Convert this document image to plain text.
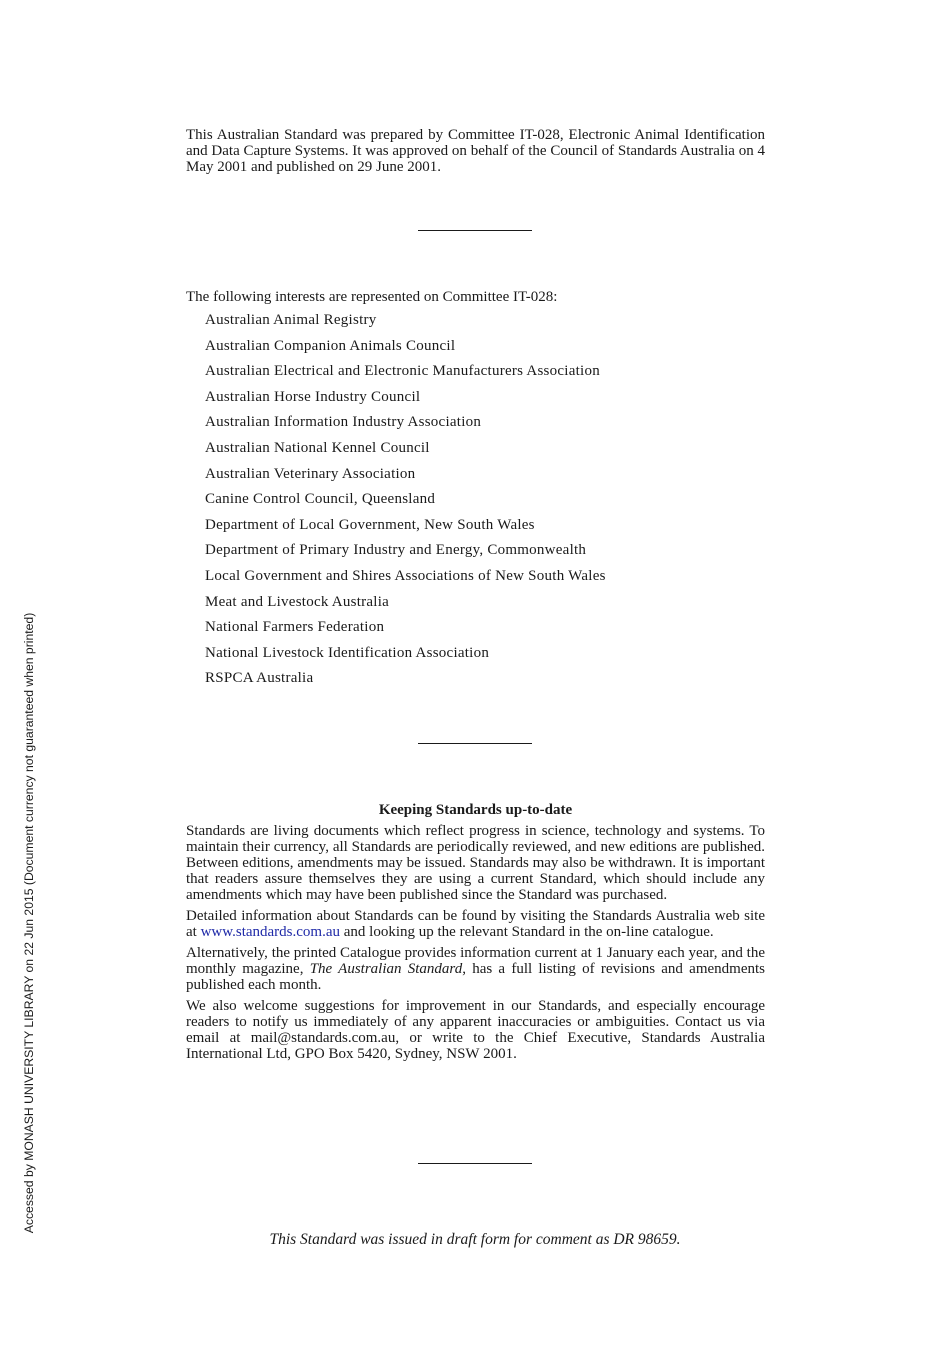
Accessed by MONASH UNIVERSITY LIBRARY on 22 Jun 2015 (Document currency not guaranteed when printed)

This Australian Standard was prepared by Committee IT-028, Electronic Animal Identification and Data Capture Systems. It was approved on behalf of the Council of Standards Australia on 4 May 2001 and published on 29 June 2001.

The following interests are represented on Committee IT-028:

Australian Animal Registry
Australian Companion Animals Council
Australian Electrical and Electronic Manufacturers Association
Australian Horse Industry Council
Australian Information Industry Association
Australian National Kennel Council
Australian Veterinary Association
Canine Control Council, Queensland
Department of Local Government, New South Wales
Department of Primary Industry and Energy, Commonwealth
Local Government and Shires Associations of New South Wales
Meat and Livestock Australia
National Farmers Federation
National Livestock Identification Association
RSPCA Australia
Keeping Standards up-to-date

Standards are living documents which reflect progress in science, technology and systems. To maintain their currency, all Standards are periodically reviewed, and new editions are published. Between editions, amendments may be issued. Standards may also be withdrawn. It is important that readers assure themselves they are using a current Standard, which should include any amendments which may have been published since the Standard was purchased.

Detailed information about Standards can be found by visiting the Standards Australia web site at www.standards.com.au and looking up the relevant Standard in the on-line catalogue.

Alternatively, the printed Catalogue provides information current at 1 January each year, and the monthly magazine, The Australian Standard, has a full listing of revisions and amendments published each month.

We also welcome suggestions for improvement in our Standards, and especially encourage readers to notify us immediately of any apparent inaccuracies or ambiguities. Contact us via email at mail@standards.com.au, or write to the Chief Executive, Standards Australia International Ltd, GPO Box 5420, Sydney, NSW 2001.

This Standard was issued in draft form for comment as DR 98659.
